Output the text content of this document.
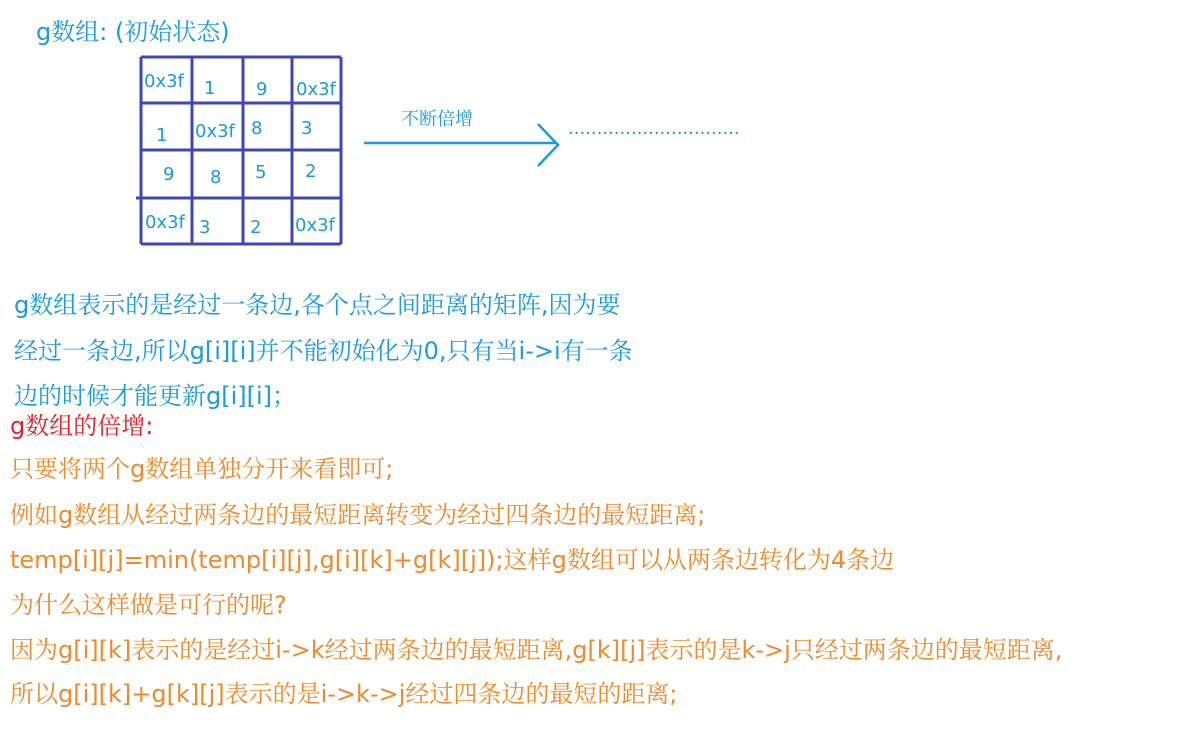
g数组: (初始状态)
0x3f 1 9 0x3f
1 0x3f 8 3
9 8 5 2
0x3f 3 2 0x3f
不断倍增	..............................
g数组表示的是经过一条边,各个点之间距离的矩阵,因为要
经过一条边,所以g[i][i]并不能初始化为0,只有当i->i有一条
边的时候才能更新g[i][i]；
g数组的倍增:
只要将两个g数组单独分开来看即可;
例如g数组从经过两条边的最短距离转变为经过四条边的最短距离;
temp[i][j]=min(temp[i][j],g[i][k]+g[k][j]);这样g数组可以从两条边转化为4条边
为什么这样做是可行的呢?
因为g[i][k]表示的是经过i->k经过两条边的最短距离,g[k][j]表示的是k->j只经过两条边的最短距离,
所以g[i][k]+g[k][j]表示的是i->k->j经过四条边的最短的距离;
